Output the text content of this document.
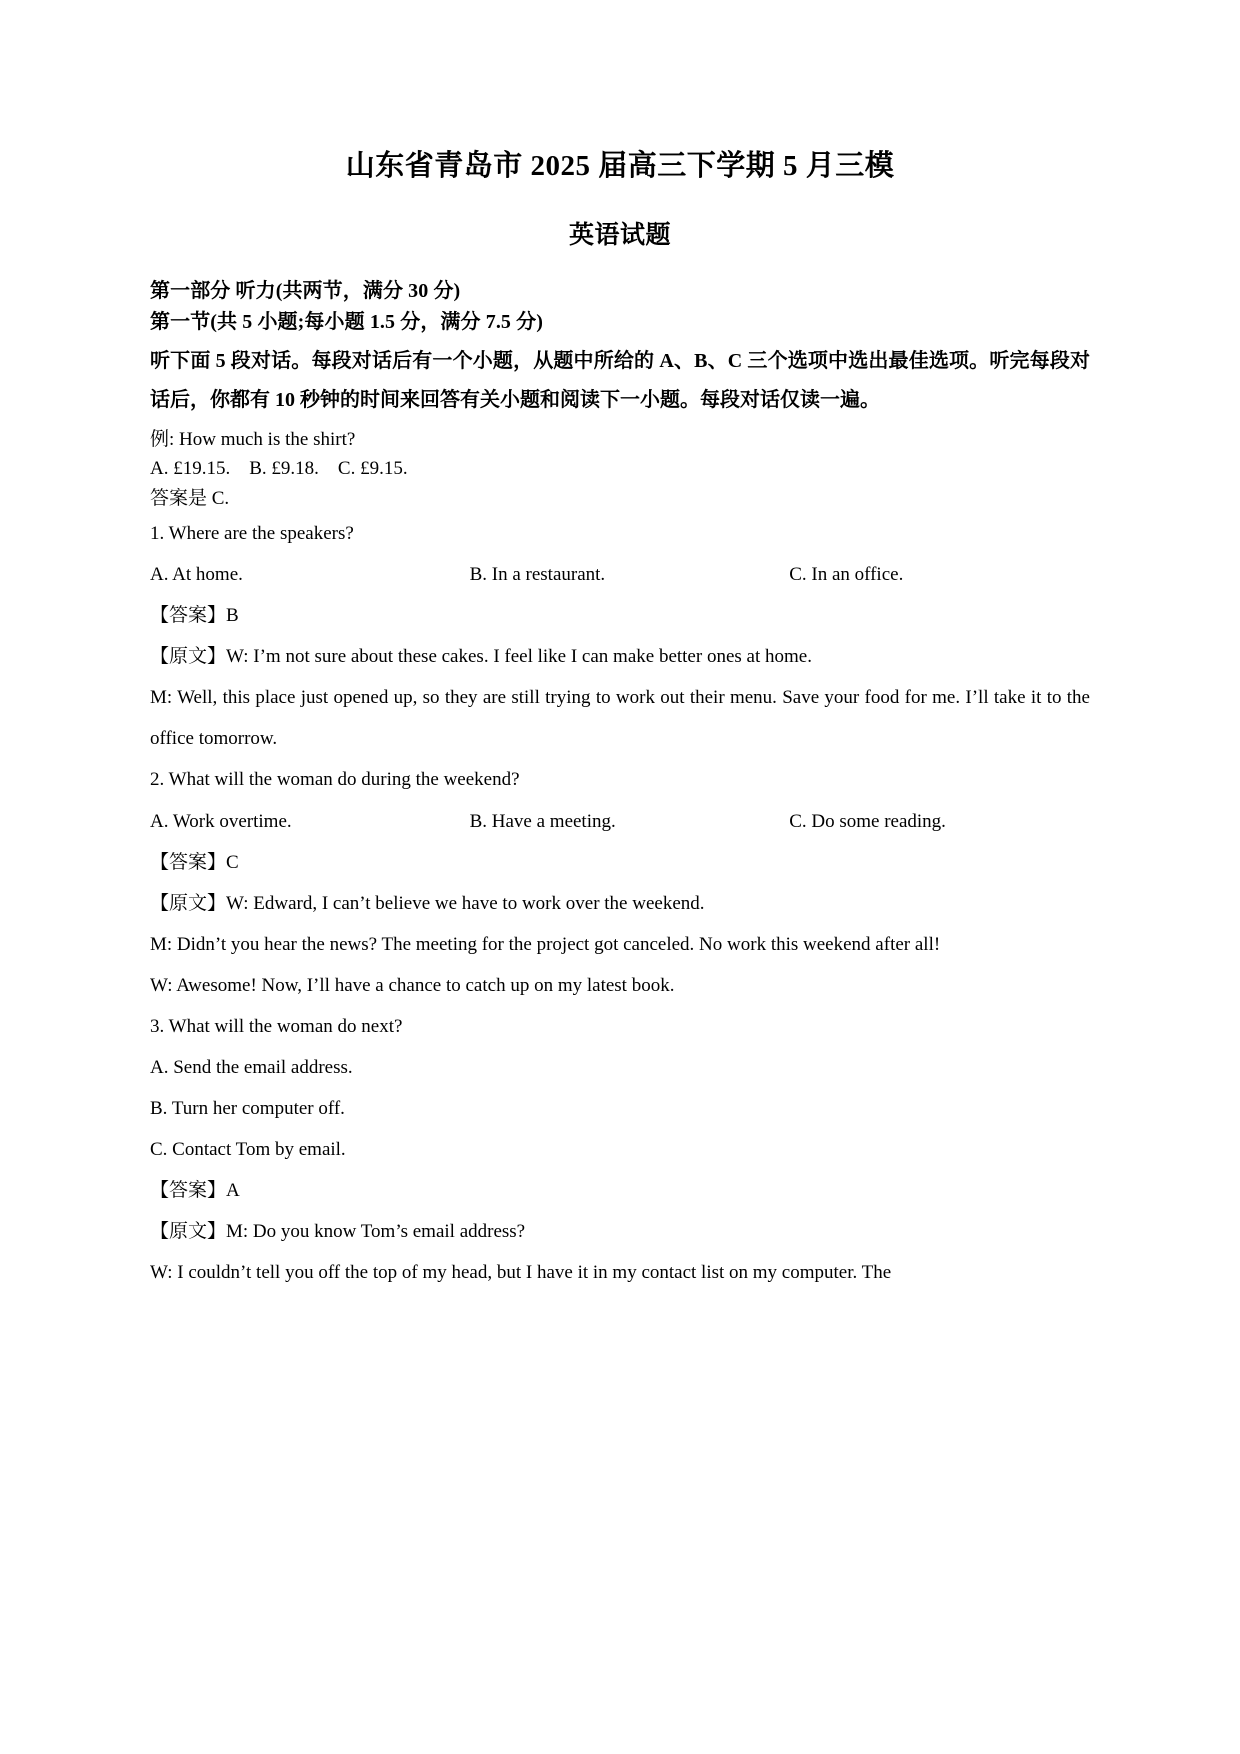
山东省青岛市 2025 届高三下学期 5 月三模
英语试题

第一部分 听力(共两节，满分 30 分)

第一节(共 5 小题;每小题 1.5 分，满分 7.5 分)

听下面 5 段对话。每段对话后有一个小题，从题中所给的 A、B、C 三个选项中选出最佳选项。听完每段对话后，你都有 10 秒钟的时间来回答有关小题和阅读下一小题。每段对话仅读一遍。

例: How much is the shirt?

A. £19.15. B. £9.18. C. £9.15.

答案是 C.

1. Where are the speakers?

A. At home.	B. In a restaurant.	C. In an office.

【答案】B

【原文】W: I’m not sure about these cakes. I feel like I can make better ones at home.

M: Well, this place just opened up, so they are still trying to work out their menu. Save your food for me. I’ll take it to the office tomorrow.

2. What will the woman do during the weekend?

A. Work overtime.	B. Have a meeting.	C. Do some reading.

【答案】C

【原文】W: Edward, I can’t believe we have to work over the weekend.

M: Didn’t you hear the news? The meeting for the project got canceled. No work this weekend after all!

W: Awesome! Now, I’ll have a chance to catch up on my latest book.

3. What will the woman do next?

A. Send the email address.

B. Turn her computer off.

C. Contact Tom by email.

【答案】A

【原文】M: Do you know Tom’s email address?

W: I couldn’t tell you off the top of my head, but I have it in my contact list on my computer. The
